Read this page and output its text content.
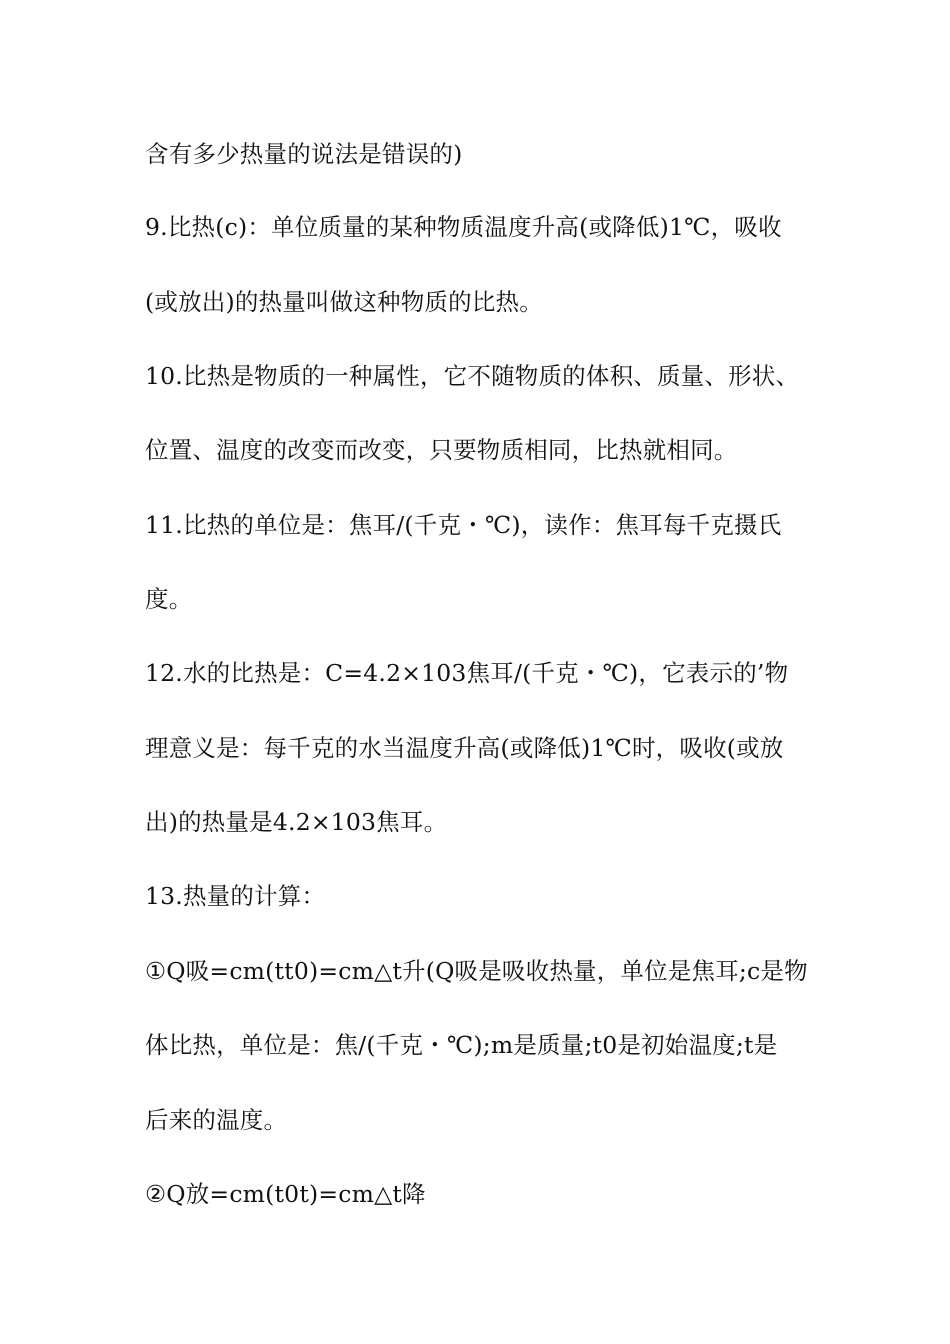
含有多少热量的说法是错误的)
9.比热(c)：单位质量的某种物质温度升高(或降低)1℃，吸收
(或放出)的热量叫做这种物质的比热。
10.比热是物质的一种属性，它不随物质的体积、质量、形状、
位置、温度的改变而改变，只要物质相同，比热就相同。
11.比热的单位是：焦耳/(千克・℃)，读作：焦耳每千克摄氏
度。
12.水的比热是：C=4.2×103焦耳/(千克・℃)，它表示的’物
理意义是：每千克的水当温度升高(或降低)1℃时，吸收(或放
出)的热量是4.2×103焦耳。
13.热量的计算：
①Q吸=cm(tt0)=cm△t升(Q吸是吸收热量，单位是焦耳;c是物
体比热，单位是：焦/(千克・℃);m是质量;t0是初始温度;t是
后来的温度。
②Q放=cm(t0t)=cm△t降
